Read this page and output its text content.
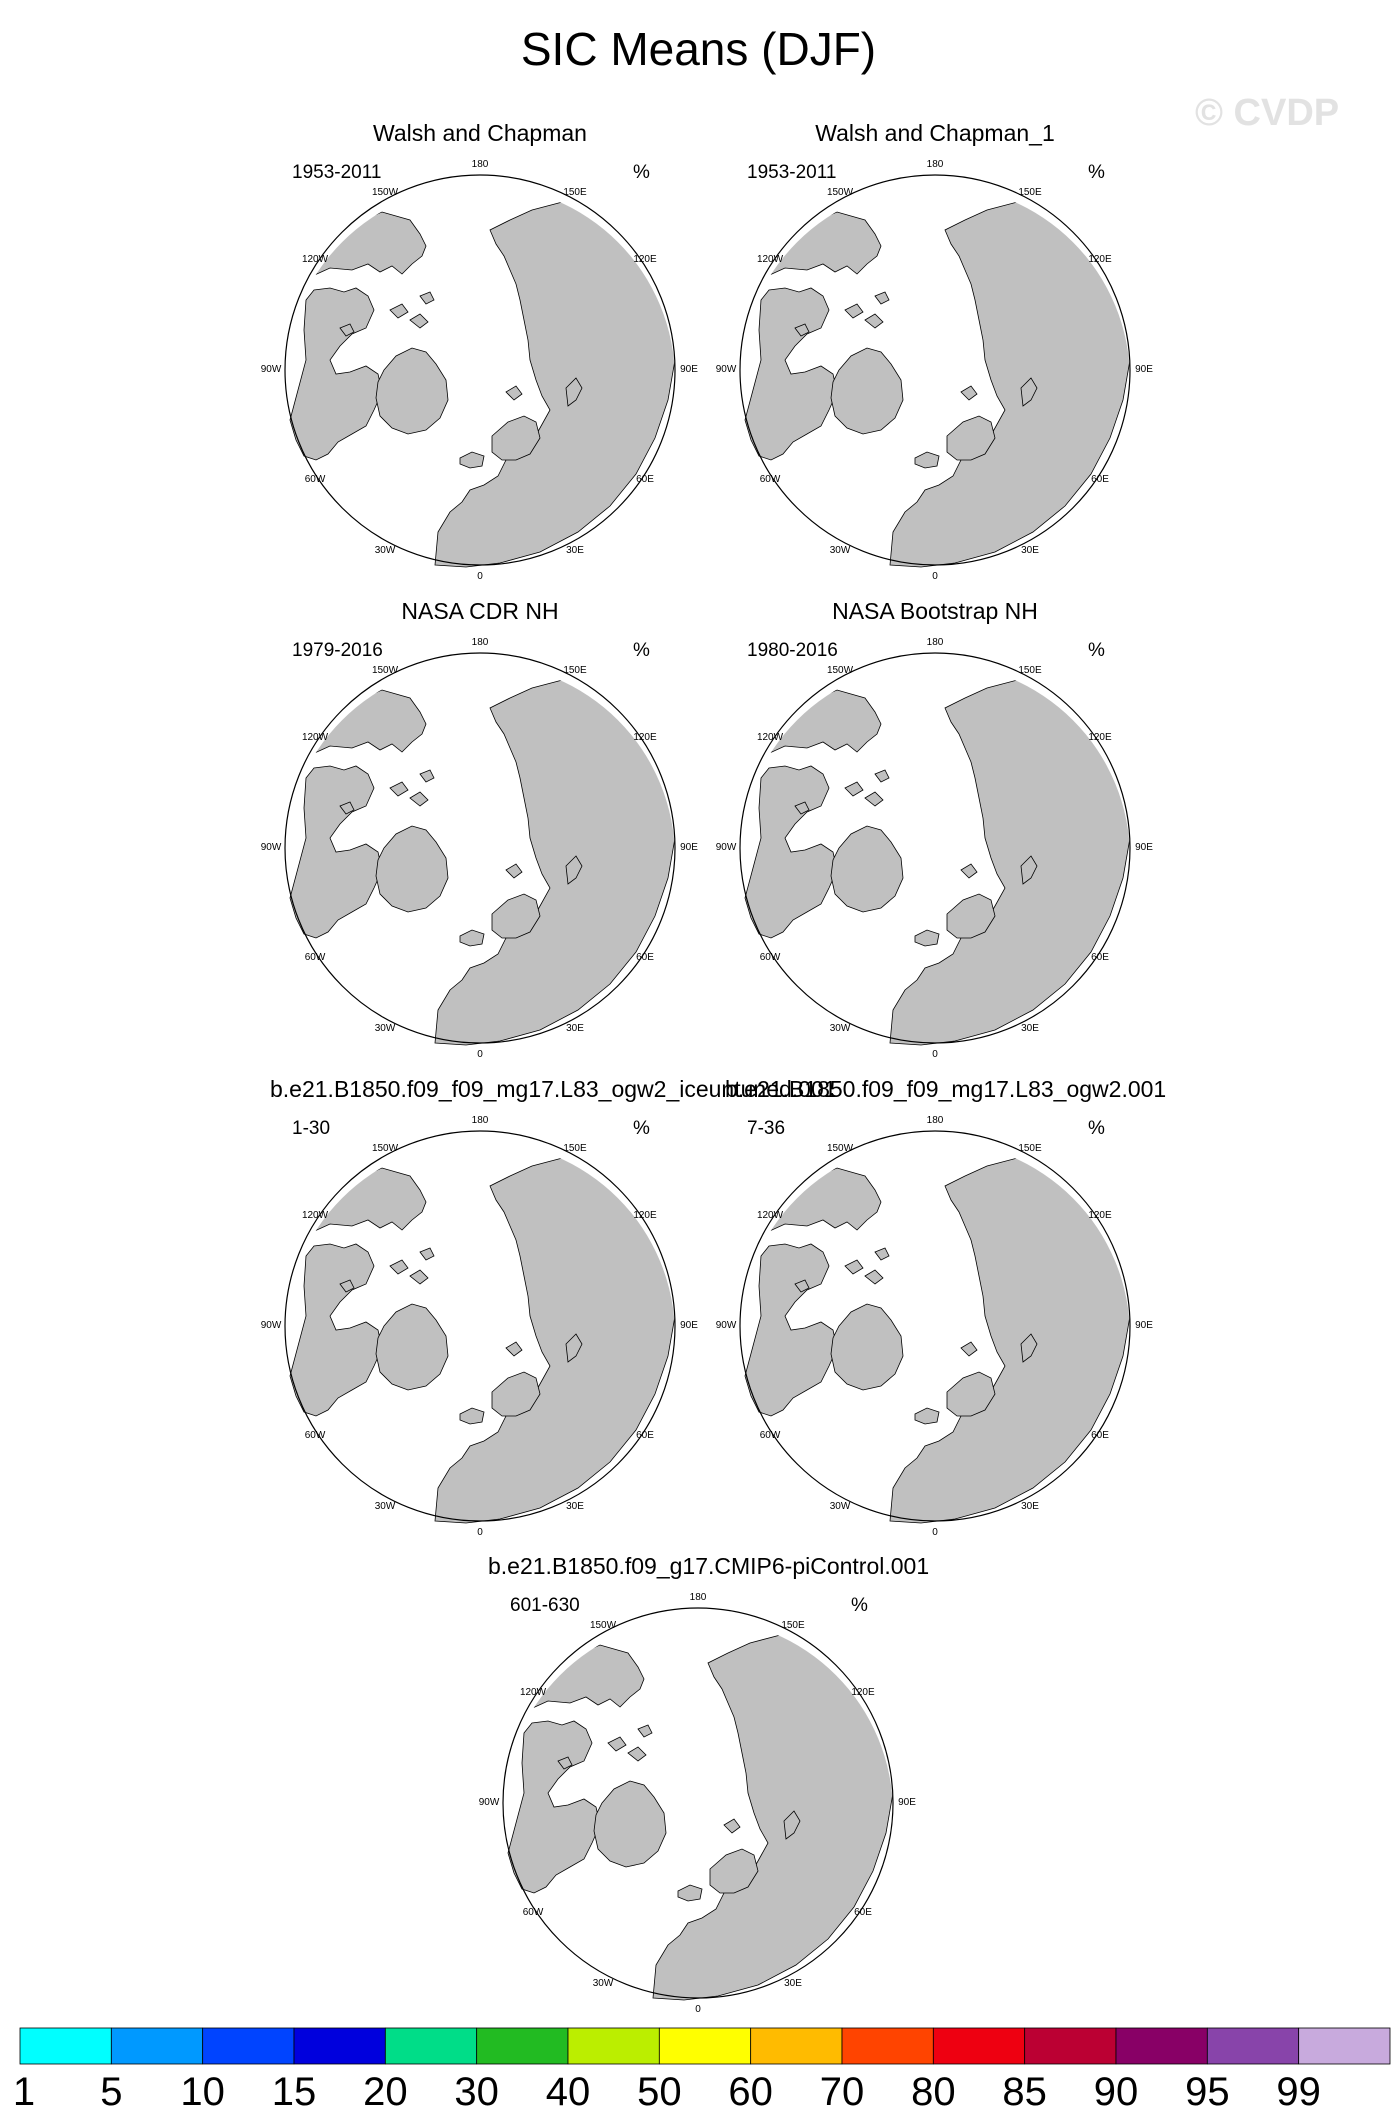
SIC Means (DJF)
© CVDP
Walsh and Chapman
1953-2011	%
180
150E
120E
90E
60E
30E
0
30W
60W
90W
120W
150W
Walsh and Chapman_1
1953-2011	%
180
150E
120E
90E
60E
30E
0
30W
60W
90W
120W
150W
NASA CDR NH
1979-2016	%
180
150E
120E
90E
60E
30E
0
30W
60W
90W
120W
150W
NASA Bootstrap NH
1980-2016	%
180
150E
120E
90E
60E
30E
0
30W
60W
90W
120W
150W
b.e21.B1850.f09_f09_mg17.L83_ogw2_iceuntuned.001
1-30	%
180
150E
120E
90E
60E
30E
0
30W
60W
90W
120W
150W
b.e21.B1850.f09_f09_mg17.L83_ogw2.001
7-36	%
180
150E
120E
90E
60E
30E
0
30W
60W
90W
120W
150W
b.e21.B1850.f09_g17.CMIP6-piControl.001
601-630	%
180
150E
120E
90E
60E
30E
0
30W
60W
90W
120W
150W
1 5 10 15 20 30 40 50 60 70 80 85 90 95 99
